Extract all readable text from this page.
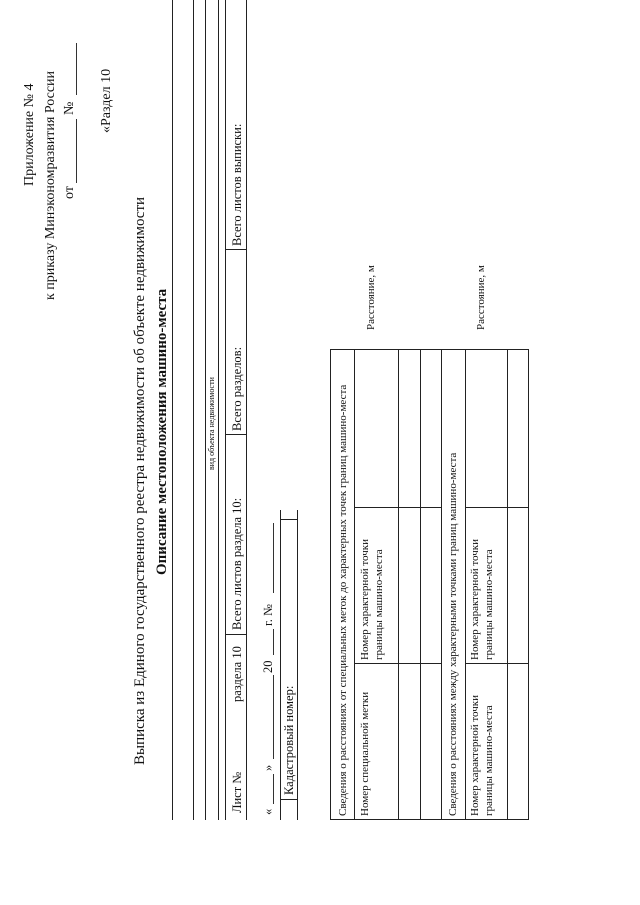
Приложение № 4 к приказу Минэкономразвития России от
№ «Раздел 10
Выписка из Единого государственного реестра недвижимости об объекте недвижимости Описание местоположения машино-места	вид объекта недвижимости
Лист №
раздела 10
Всего листов раздела 10:
Всего разделов:
Всего листов выписки:
«
»
20
г. №
Кадастровый номер:	Сведения о расстояниях от специальных меток до характерных точек границ машино-места Номер специальной метки
Номер характерной точки границы машино-места
Расстояние, м
Сведения о расстояниях между характерными точками границ машино-места Номер характерной точки границы машино-места
Номер характерной точки границы машино-места
Расстояние, м
